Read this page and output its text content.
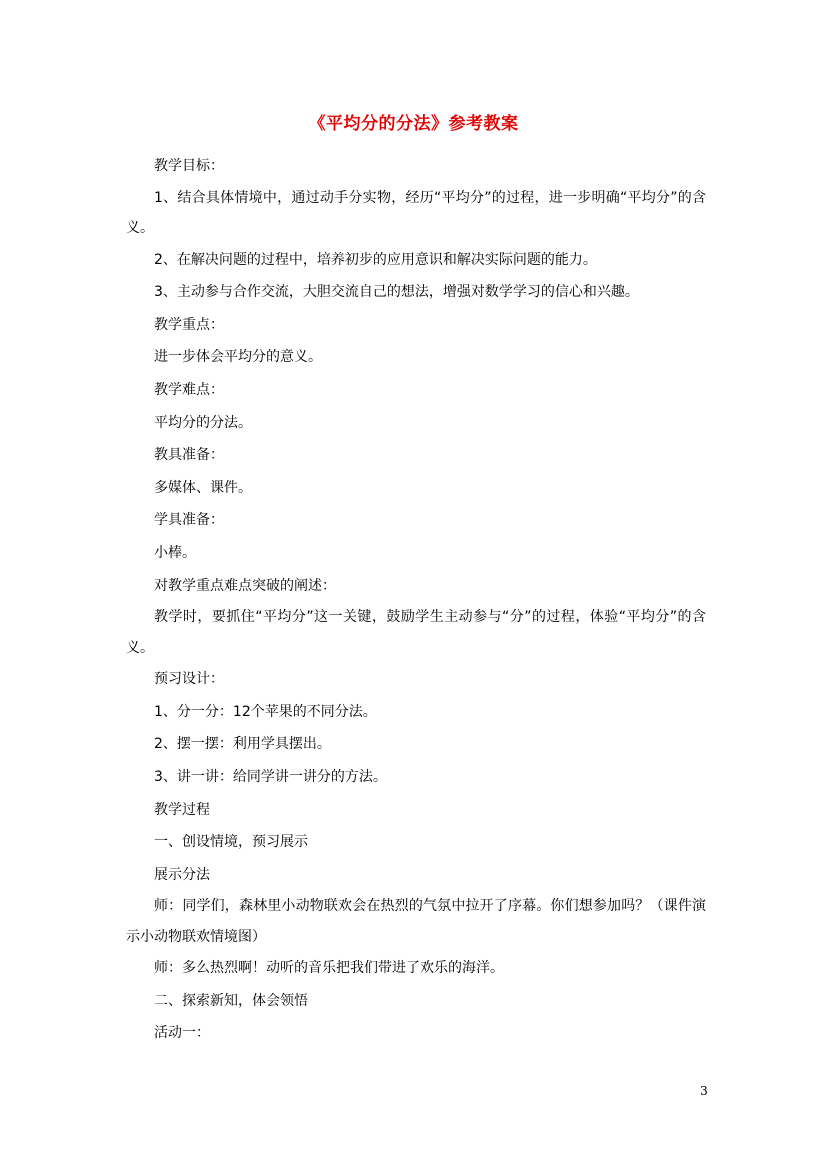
《平均分的分法》参考教案

教学目标：

1、结合具体情境中，通过动手分实物，经历“平均分”的过程，进一步明确“平均分”的含义。

2、在解决问题的过程中，培养初步的应用意识和解决实际问题的能力。

3、主动参与合作交流，大胆交流自己的想法，增强对数学学习的信心和兴趣。

教学重点：

进一步体会平均分的意义。

教学难点：

平均分的分法。

教具准备：

多媒体、课件。

学具准备：

小棒。

对教学重点难点突破的阐述：

教学时，要抓住“平均分”这一关键，鼓励学生主动参与“分”的过程，体验“平均分”的含义。

预习设计：

1、分一分：12个苹果的不同分法。

2、摆一摆：利用学具摆出。

3、讲一讲：给同学讲一讲分的方法。

教学过程

一、创设情境，预习展示

展示分法

师：同学们，森林里小动物联欢会在热烈的气氛中拉开了序幕。你们想参加吗？（课件演示小动物联欢情境图）

师：多么热烈啊！动听的音乐把我们带进了欢乐的海洋。

二、探索新知，体会领悟

活动一：

3
